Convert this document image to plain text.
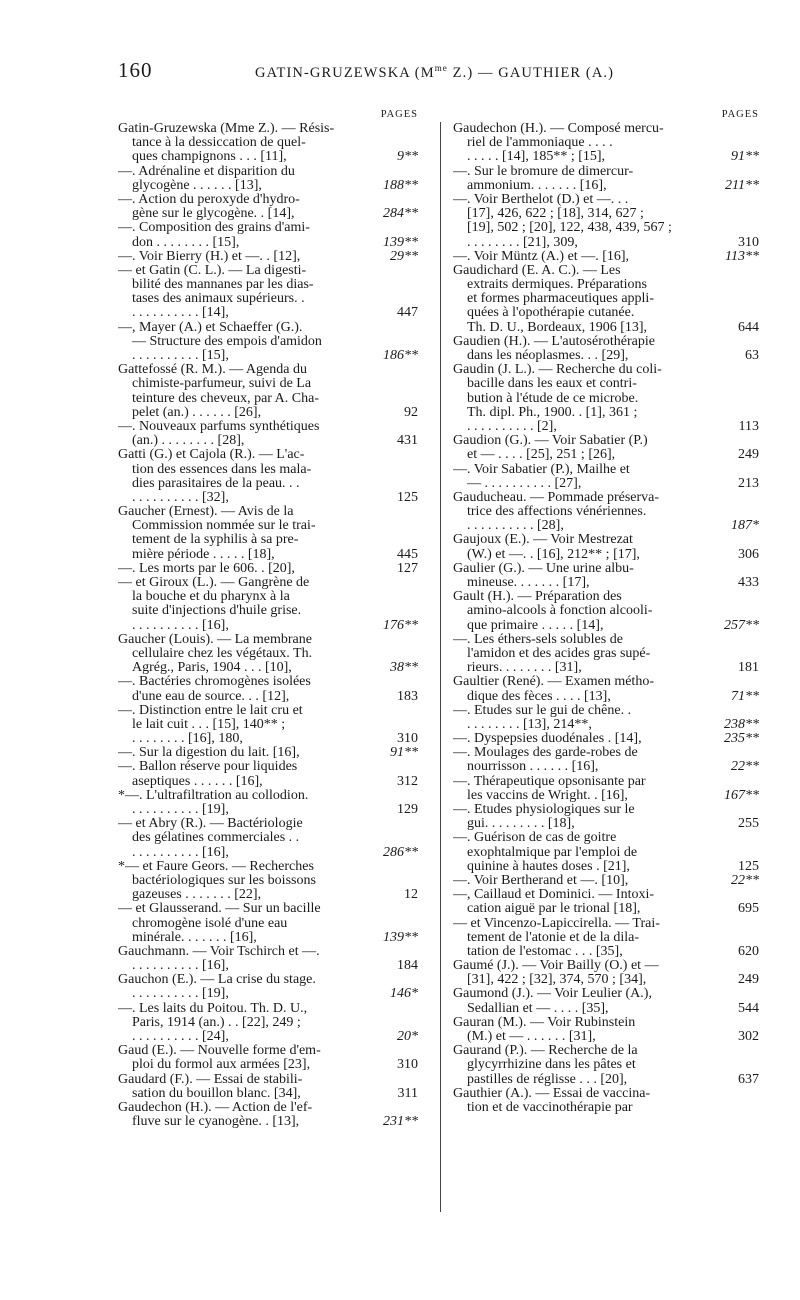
160	GATIN-GRUZEWSKA ($M^{me}$ Z.) — GAUTHIER (A.)
PAGES
Gatin-Gruzewska (Mme Z.). — Résis-
tance à la dessiccation de quel-
ques champignons . . . [11],	9**
—. Adrénaline et disparition du
glycogène . . . . . . [13],	188**
—. Action du peroxyde d'hydro-
gène sur le glycogène. . [14],	284**
—. Composition des grains d'ami-
don . . . . . . . . [15],	139**
—. Voir Bierry (H.) et —. . [12],	29**
— et Gatin (C. L.). — La digesti-
bilité des mannanes par les dias-
tases des animaux supérieurs. .
. . . . . . . . . . [14],	447
—, Mayer (A.) et Schaeffer (G.).
— Structure des empois d'amidon
. . . . . . . . . . [15],	186**
Gattefossé (R. M.). — Agenda du
chimiste-parfumeur, suivi de La
teinture des cheveux, par A. Cha-
pelet (an.) . . . . . . [26],	92
—. Nouveaux parfums synthétiques
(an.) . . . . . . . . [28],	431
Gatti (G.) et Cajola (R.). — L'ac-
tion des essences dans les mala-
dies parasitaires de la peau. . .
. . . . . . . . . . [32],	125
Gaucher (Ernest). — Avis de la
Commission nommée sur le trai-
tement de la syphilis à sa pre-
mière période . . . . . [18],	445
—. Les morts par le 606. . [20],	127
— et Giroux (L.). — Gangrène de
la bouche et du pharynx à la
suite d'injections d'huile grise.
. . . . . . . . . . [16],	176**
Gaucher (Louis). — La membrane
cellulaire chez les végétaux. Th.
Agrég., Paris, 1904 . . . [10],	38**
—. Bactéries chromogènes isolées
d'une eau de source. . . [12],	183
—. Distinction entre le lait cru et
le lait cuit . . . [15], 140** ;
. . . . . . . . [16], 180,	310
—. Sur la digestion du lait. [16],	91**
—. Ballon réserve pour liquides
aseptiques . . . . . . [16],	312
*—. L'ultrafiltration au collodion.
. . . . . . . . . . [19],	129
— et Abry (R.). — Bactériologie
des gélatines commerciales . .
. . . . . . . . . . [16],	286**
*— et Faure Geors. — Recherches
bactériologiques sur les boissons
gazeuses . . . . . . . [22],	12
— et Glausserand. — Sur un bacille
chromogène isolé d'une eau
minérale. . . . . . . [16],	139**
Gauchmann. — Voir Tschirch et —.
. . . . . . . . . . [16],	184
Gauchon (E.). — La crise du stage.
. . . . . . . . . . [19],	146*
—. Les laits du Poitou. Th. D. U.,
Paris, 1914 (an.) . . [22], 249 ;
. . . . . . . . . . [24],	20*
Gaud (E.). — Nouvelle forme d'em-
ploi du formol aux armées [23],	310
Gaudard (F.). — Essai de stabili-
sation du bouillon blanc. [34],	311
Gaudechon (H.). — Action de l'ef-
fluve sur le cyanogène. . [13],	231**
PAGES
Gaudechon (H.). — Composé mercu-
riel de l'ammoniaque . . . .
. . . . . [14], 185** ; [15],	91**
—. Sur le bromure de dimercur-
ammonium. . . . . . . [16],	211**
—. Voir Berthelot (D.) et —. . .
[17], 426, 622 ; [18], 314, 627 ;
[19], 502 ; [20], 122, 438, 439, 567 ;
. . . . . . . . [21], 309,	310
—. Voir Müntz (A.) et —. [16],	113**
Gaudichard (E. A. C.). — Les
extraits dermiques. Préparations
et formes pharmaceutiques appli-
quées à l'opothérapie cutanée.
Th. D. U., Bordeaux, 1906 [13],	644
Gaudien (H.). — L'autosérothérapie
dans les néoplasmes. . . [29],	63
Gaudin (J. L.). — Recherche du coli-
bacille dans les eaux et contri-
bution à l'étude de ce microbe.
Th. dipl. Ph., 1900. . [1], 361 ;
. . . . . . . . . . [2],	113
Gaudion (G.). — Voir Sabatier (P.)
et — . . . . [25], 251 ; [26],	249
—. Voir Sabatier (P.), Mailhe et
— . . . . . . . . . . [27],	213
Gauducheau. — Pommade préserva-
trice des affections vénériennes.
. . . . . . . . . . [28],	187*
Gaujoux (E.). — Voir Mestrezat
(W.) et —. . [16], 212** ; [17],	306
Gaulier (G.). — Une urine albu-
mineuse. . . . . . . [17],	433
Gault (H.). — Préparation des
amino-alcools à fonction alcooli-
que primaire . . . . . [14],	257**
—. Les éthers-sels solubles de
l'amidon et des acides gras supé-
rieurs. . . . . . . . [31],	181
Gaultier (René). — Examen métho-
dique des fèces . . . . [13],	71**
—. Études sur le gui de chêne. .
. . . . . . . . [13], 214**,	238**
—. Dyspepsies duodénales . [14],	235**
—. Moulages des garde-robes de
nourrisson . . . . . . [16],	22**
—. Thérapeutique opsonisante par
les vaccins de Wright. . [16],	167**
—. Études physiologiques sur le
gui. . . . . . . . . [18],	255
—. Guérison de cas de goitre
exophtalmique par l'emploi de
quinine à hautes doses . [21],	125
—. Voir Bertherand et —. [10],	22**
—, Caillaud et Dominici. — Intoxi-
cation aiguë par le trional [18],	695
— et Vincenzo-Lapiccirella. — Trai-
tement de l'atonie et de la dila-
tation de l'estomac . . . [35],	620
Gaumé (J.). — Voir Bailly (O.) et —
[31], 422 ; [32], 374, 570 ; [34],	249
Gaumond (J.). — Voir Leulier (A.),
Sedallian et — . . . . [35],	544
Gauran (M.). — Voir Rubinstein
(M.) et — . . . . . . [31],	302
Gaurand (P.). — Recherche de la
glycyrrhizine dans les pâtes et
pastilles de réglisse . . . [20],	637
Gauthier (A.). — Essai de vaccina-
tion et de vaccinothérapie par
